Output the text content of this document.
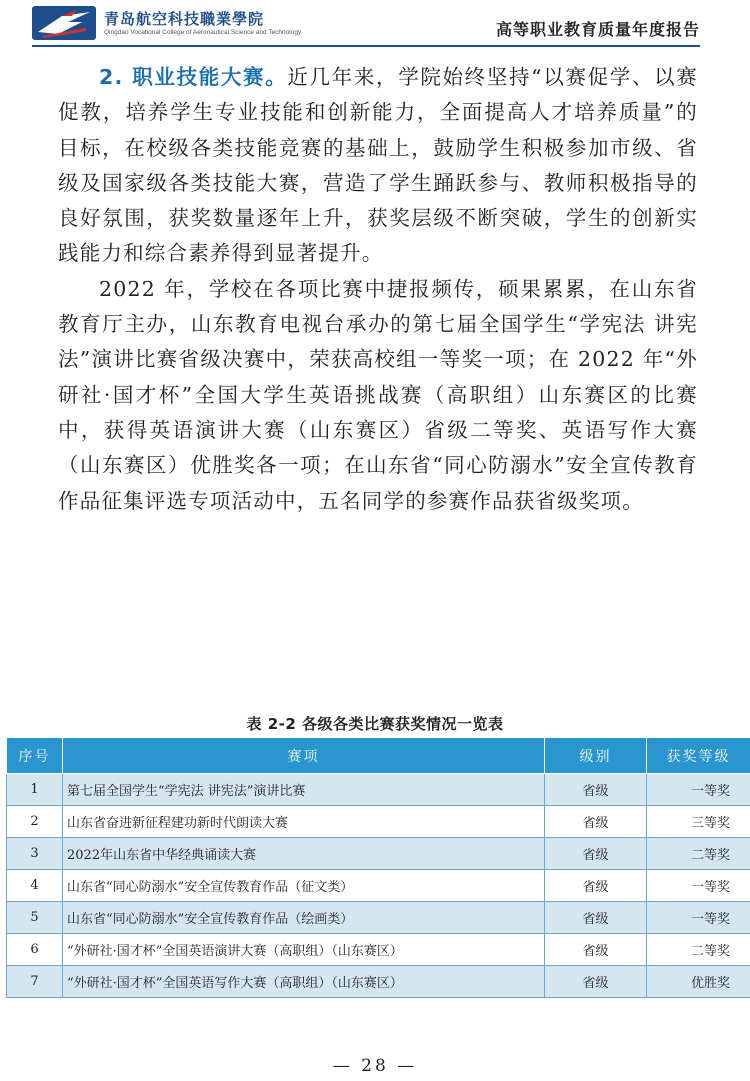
青岛航空科技職業學院
Qingdao Vocational College of Aeronautical Science and Technology	高等职业教育质量年度报告

2. 职业技能大赛。近几年来，学院始终坚持“以赛促学、以赛促教，培养学生专业技能和创新能力，全面提高人才培养质量”的目标，在校级各类技能竞赛的基础上，鼓励学生积极参加市级、省级及国家级各类技能大赛，营造了学生踊跃参与、教师积极指导的良好氛围，获奖数量逐年上升，获奖层级不断突破，学生的创新实践能力和综合素养得到显著提升。

2022 年，学校在各项比赛中捷报频传，硕果累累，在山东省教育厅主办，山东教育电视台承办的第七届全国学生“学宪法 讲宪法”演讲比赛省级决赛中，荣获高校组一等奖一项；在 2022 年“外研社·国才杯”全国大学生英语挑战赛（高职组）山东赛区的比赛中，获得英语演讲大赛（山东赛区）省级二等奖、英语写作大赛（山东赛区）优胜奖各一项；在山东省“同心防溺水”安全宣传教育作品征集评选专项活动中，五名同学的参赛作品获省级奖项。

表 2-2 各级各类比赛获奖情况一览表
序号	赛项	级别	获奖等级
1	第七届全国学生“学宪法 讲宪法”演讲比赛	省级	一等奖
2	山东省奋进新征程建功新时代朗读大赛	省级	三等奖
3	2022年山东省中华经典诵读大赛	省级	二等奖
4	山东省“同心防溺水”安全宣传教育作品（征文类）	省级	一等奖
5	山东省“同心防溺水”安全宣传教育作品（绘画类）	省级	一等奖
6	“外研社·国才杯”全国英语演讲大赛（高职组）（山东赛区）	省级	二等奖
7	“外研社·国才杯”全国英语写作大赛（高职组）（山东赛区）	省级	优胜奖
— 28 —
